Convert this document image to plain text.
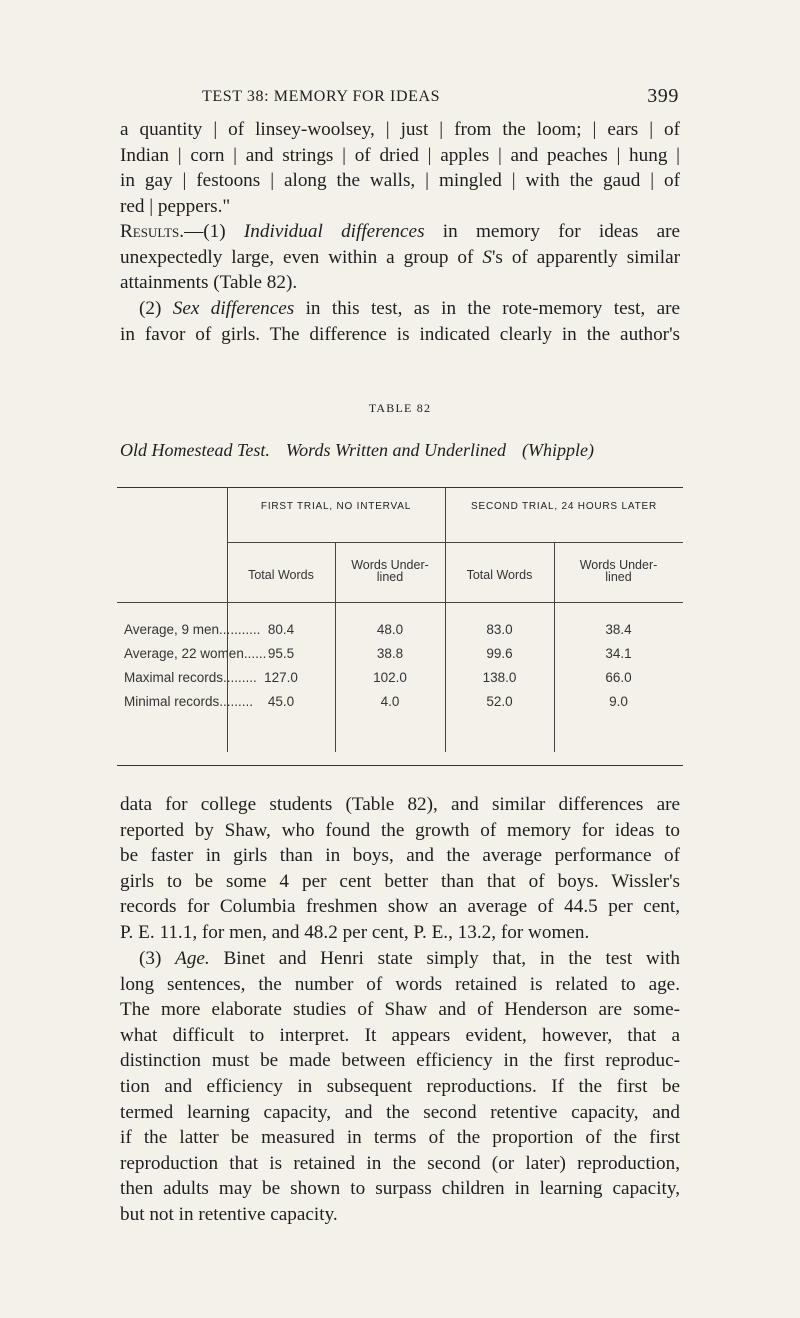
TEST 38: MEMORY FOR IDEAS	399

a quantity | of linsey-woolsey, | just | from the loom; | ears | of
Indian | corn | and strings | of dried | apples | and peaches | hung |
in gay | festoons | along the walls, | mingled | with the gaud | of
red | peppers."

Results.—(1) Individual differences in memory for ideas are
unexpectedly large, even within a group of S's of apparently similar
attainments (Table 82).

(2) Sex differences in this test, as in the rote-memory test, are
in favor of girls. The difference is indicated clearly in the author's

TABLE 82
Old Homestead Test. Words Written and Underlined (Whipple)
FIRST TRIAL, NO INTERVAL	SECOND TRIAL, 24 HOURS LATER
Total Words
Words Under-
lined	Total Words
Words Under-
lined
Average, 9 men........... 80.4	48.0	83.0	38.4
Average, 22 women...... 95.5	38.8	99.6	34.1
Maximal records......... 127.0	102.0	138.0	66.0
Minimal records.........	45.0	4.0	52.0	9.0

data for college students (Table 82), and similar differences are
reported by Shaw, who found the growth of memory for ideas to
be faster in girls than in boys, and the average performance of
girls to be some 4 per cent better than that of boys. Wissler's
records for Columbia freshmen show an average of 44.5 per cent,
P. E. 11.1, for men, and 48.2 per cent, P. E., 13.2, for women.

(3) Age. Binet and Henri state simply that, in the test with
long sentences, the number of words retained is related to age.
The more elaborate studies of Shaw and of Henderson are some-
what difficult to interpret. It appears evident, however, that a
distinction must be made between efficiency in the first reproduc-
tion and efficiency in subsequent reproductions. If the first be
termed learning capacity, and the second retentive capacity, and
if the latter be measured in terms of the proportion of the first
reproduction that is retained in the second (or later) reproduction,
then adults may be shown to surpass children in learning capacity,
but not in retentive capacity.
